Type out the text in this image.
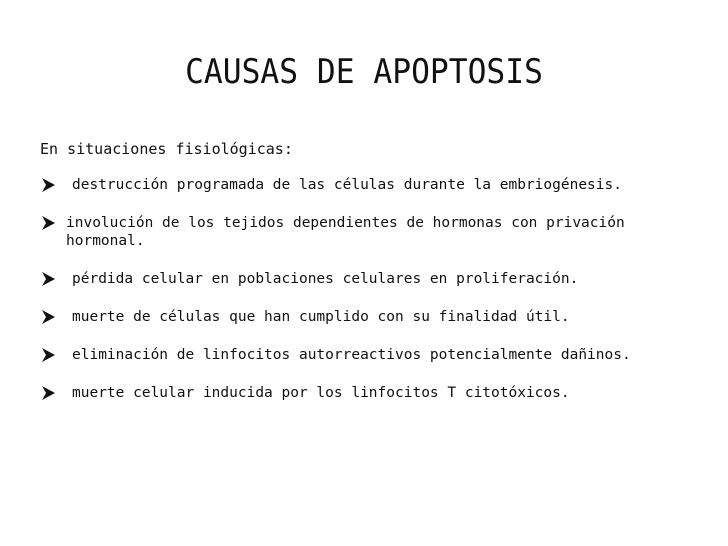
CAUSAS DE APOPTOSIS
En situaciones fisiológicas:
destrucción programada de las células durante la embriogénesis.
involución de los tejidos dependientes de hormonas con privación hormonal.
pérdida celular en poblaciones celulares en proliferación.
muerte de células que han cumplido con su finalidad útil.
eliminación de linfocitos autorreactivos potencialmente dañinos.
muerte celular inducida por los linfocitos T citotóxicos.
